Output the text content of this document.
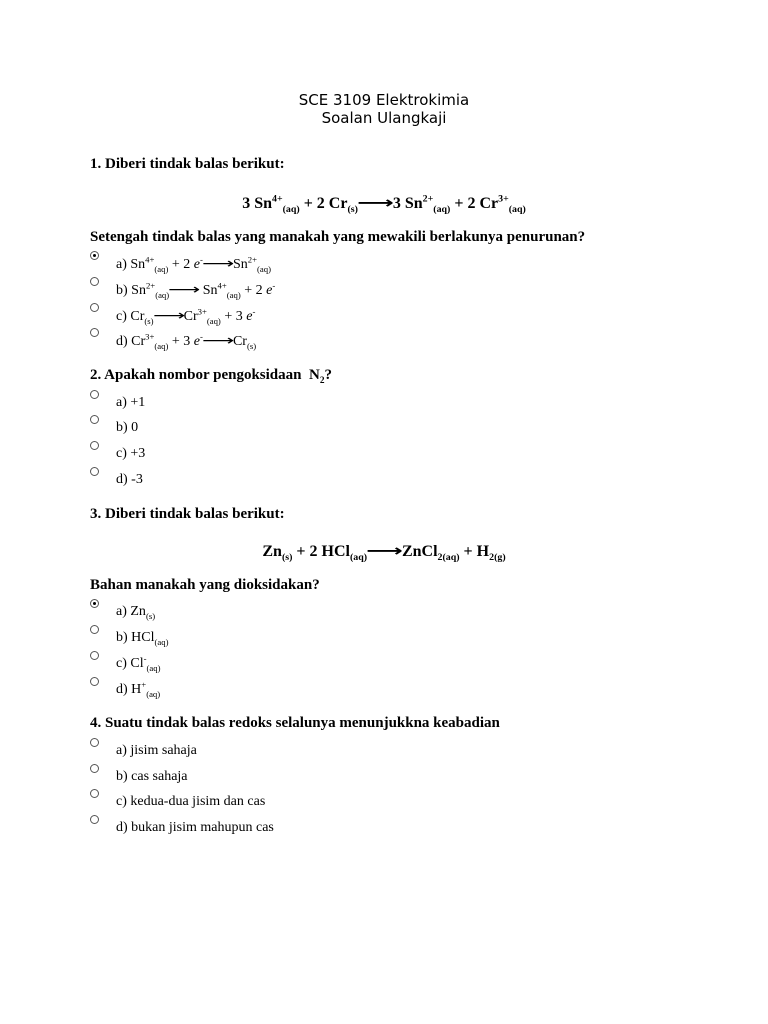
SCE 3109 Elektrokimia
Soalan Ulangkaji
1. Diberi tindak balas berikut:
3 $Sn^{4+}_{(aq)} + 2$ $Cr_{(s)}⟶3$ $Sn^{2+}_{(aq)} + 2$ $Cr^{3+}_{(aq)}$
Setengah tindak balas yang manakah yang mewakili berlakunya penurunan?
a) $Sn^{4+}_{(aq)} + 2$ $e^-⟶Sn^{2+}_{(aq)}$
b) $Sn^{2+}_{(aq)}⟶$ $Sn^{4+}_{(aq)} + 2$ e-
c) $Cr_{(s)}⟶Cr^{3+}_{(aq)} + 3$ e-
d) $Cr^{3+}_{(aq)} + 3$ $e^-⟶Cr_{(s)}$
2. Apakah nombor pengoksidaan  $N_2$?
a) +1
b) 0
c) +3
d) -3
3. Diberi tindak balas berikut:
$Zn_{(s)} + 2$ HCl$_{(aq)}$⟶ZnCl$_{2(aq)}$ + $H_{2(g)}$
Bahan manakah yang dioksidakan?
a) $Zn_{(s)}$
b) HCl$_{(aq)}$
c) $Cl^-_{(aq)}$
d) $H^+_{(aq)}$
4. Suatu tindak balas redoks selalunya menunjukkna keabadian
a) jisim sahaja
b) cas sahaja
c) kedua-dua jisim dan cas
d) bukan jisim mahupun cas
